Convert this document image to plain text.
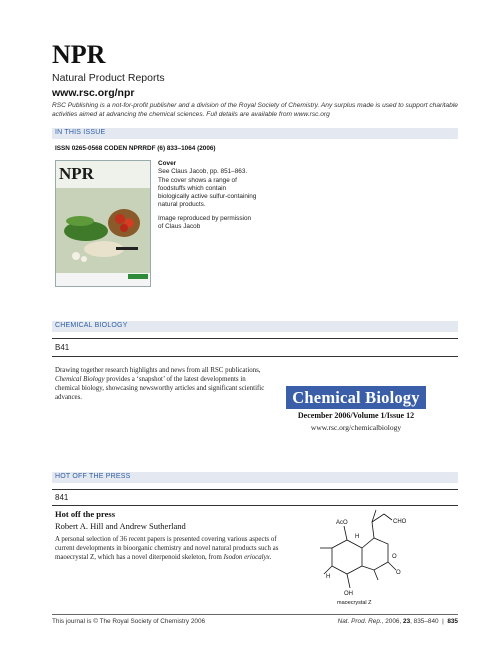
NPR
Natural Product Reports
www.rsc.org/npr
RSC Publishing is a not-for-profit publisher and a division of the Royal Society of Chemistry. Any surplus made is used to support charitable activities aimed at advancing the chemical sciences. Full details are available from www.rsc.org
IN THIS ISSUE
ISSN 0265-0568 CODEN NPRRDF (6) 833–1064 (2006)
NPR
Cover
See Claus Jacob, pp. 851–863. The cover shows a range of foodstuffs which contain biologically active sulfur-containing natural products.
Image reproduced by permission of Claus Jacob
CHEMICAL BIOLOGY
B41
Drawing together research highlights and news from all RSC publications, Chemical Biology provides a ‘snapshot’ of the latest developments in chemical biology, showcasing newsworthy articles and significant scientific advances.	Chemical Biology
December 2006/Volume 1/Issue 12
www.rsc.org/chemicalbiology
HOT OFF THE PRESS
841
Hot off the press
Robert A. Hill and Andrew Sutherland
A personal selection of 36 recent papers is presented covering various aspects of current developments in bioorganic chemistry and novel natural products such as maoecrystal Z, which has a novel diterpenoid skeleton, from Isodon eriocalyx.
AcO
H
CHO
H
O
O
OH
maoecrystal Z
This journal is © The Royal Society of Chemistry 2006	Nat. Prod. Rep., 2006, 23, 835–840  |  835
